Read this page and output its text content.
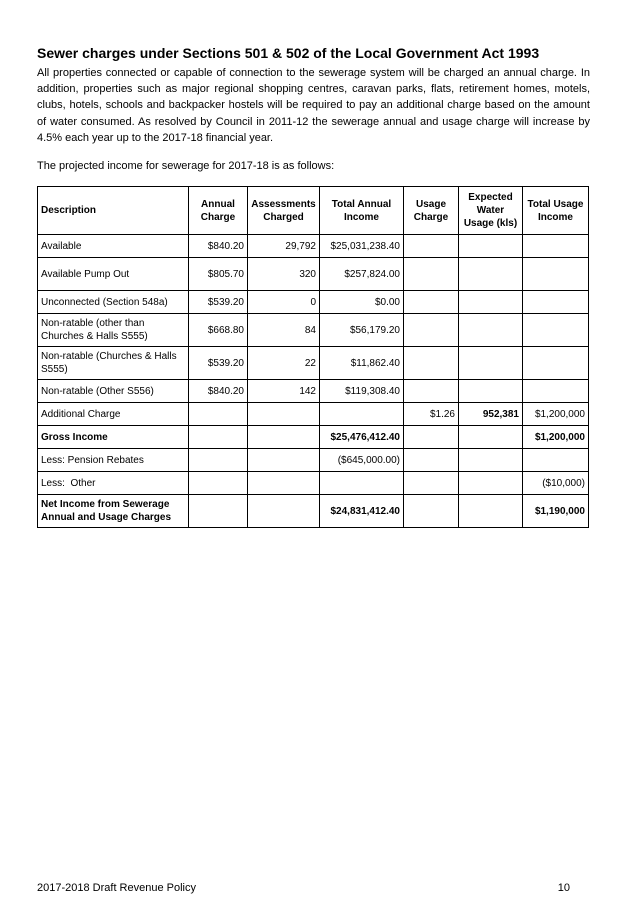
Sewer charges under Sections 501 & 502 of the Local Government Act 1993

All properties connected or capable of connection to the sewerage system will be charged an annual charge. In addition, properties such as major regional shopping centres, caravan parks, flats, retirement homes, motels, clubs, hotels, schools and backpacker hostels will be required to pay an additional charge based on the amount of water consumed. As resolved by Council in 2011-12 the sewerage annual and usage charge will increase by 4.5% each year up to the 2017-18 financial year.

The projected income for sewerage for 2017-18 is as follows:

Description	Annual Charge	Assessments Charged	Total Annual Income	Usage Charge	Expected Water Usage (kls)	Total Usage Income
Available	$840.20	29,792	$25,031,238.40			
Available Pump Out	$805.70	320	$257,824.00			
Unconnected (Section 548a)	$539.20	0	$0.00			
Non-ratable (other than Churches & Halls S555)	$668.80	84	$56,179.20			
Non-ratable (Churches & Halls S555)	$539.20	22	$11,862.40			
Non-ratable (Other S556)	$840.20	142	$119,308.40			
Additional Charge				$1.26	952,381	$1,200,000
Gross Income			$25,476,412.40			$1,200,000
Less: Pension Rebates			($645,000.00)			
Less:  Other						($10,000)
Net Income from Sewerage Annual and Usage Charges			$24,831,412.40			$1,190,000

2017-2018 Draft Revenue Policy	10
